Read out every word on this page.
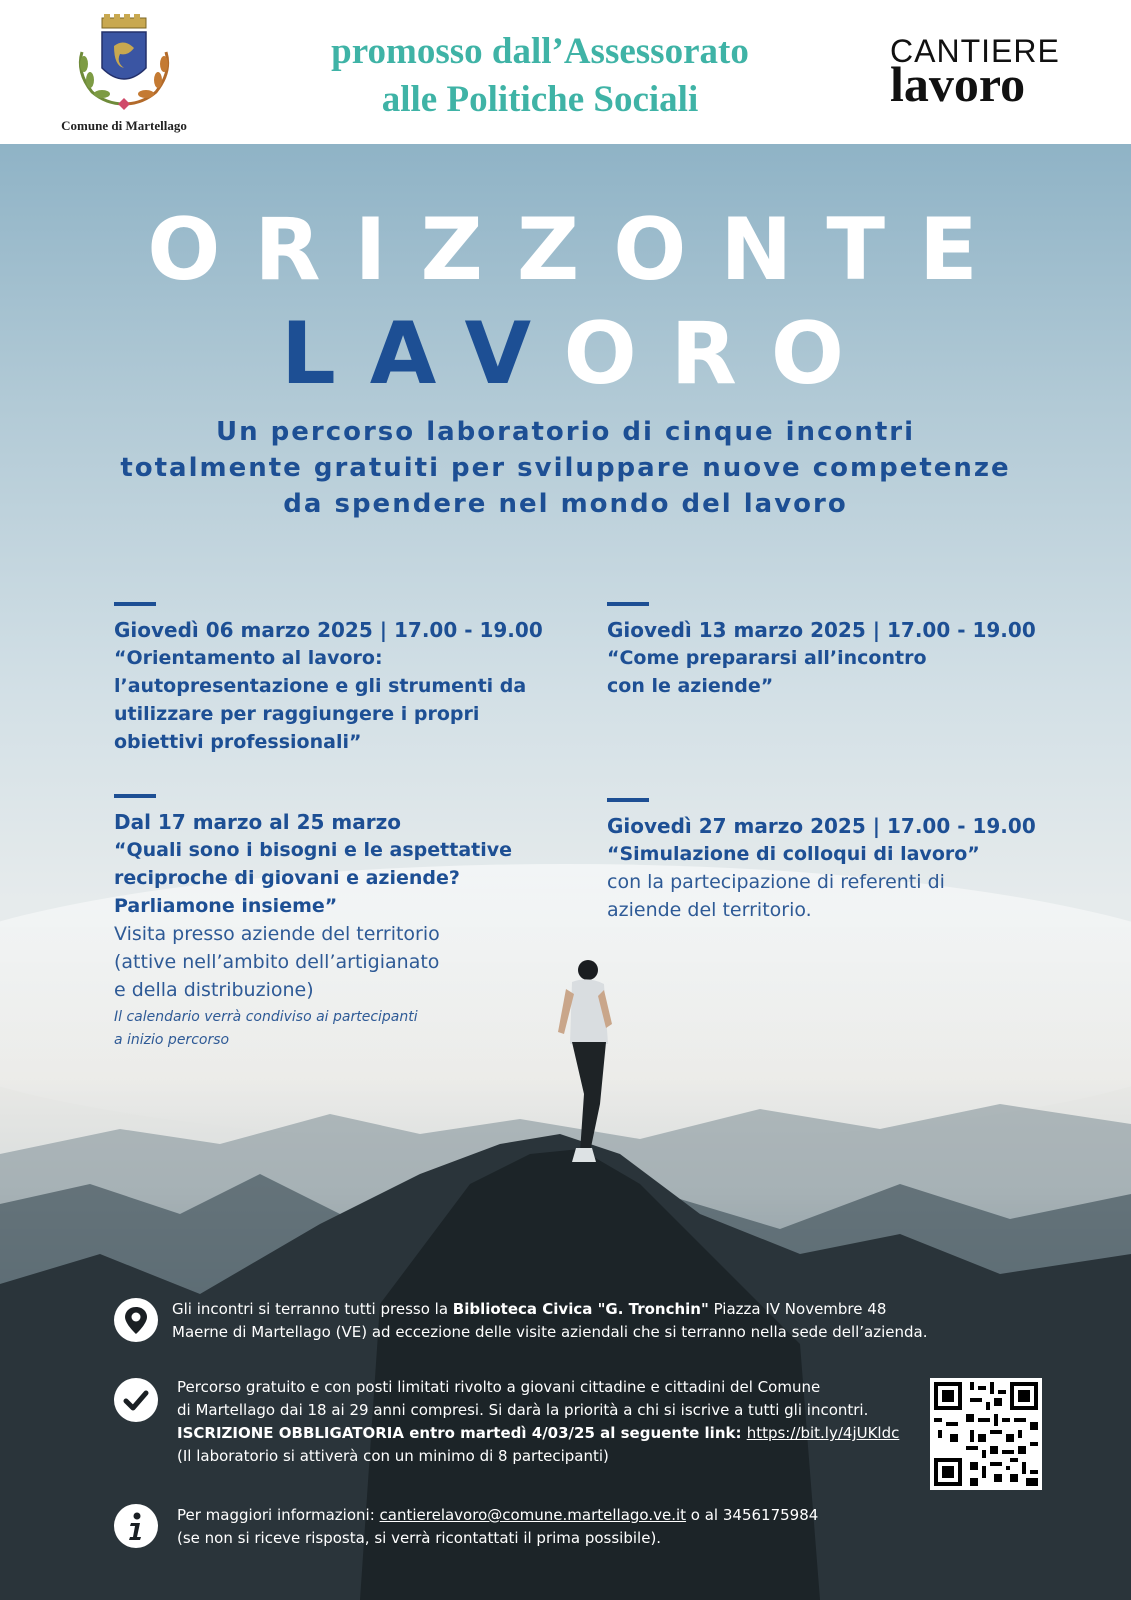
Comune di Martellago
promosso dall’Assessorato
alle Politiche Sociali
CANTIERE
lavoro
ORIZZONTE
LAVORO
Un percorso laboratorio di cinque incontri
totalmente gratuiti per sviluppare nuove competenze
da spendere nel mondo del lavoro
Giovedì 06 marzo 2025 | 17.00 - 19.00
“Orientamento al lavoro:
l’autopresentazione e gli strumenti da
utilizzare per raggiungere i propri
obiettivi professionali”
Giovedì 13 marzo 2025 | 17.00 - 19.00
“Come prepararsi all’incontro
con le aziende”
Dal 17 marzo al 25 marzo
“Quali sono i bisogni e le aspettative
reciproche di giovani e aziende?
Parliamone insieme”
Visita presso aziende del territorio
(attive nell’ambito dell’artigianato
e della distribuzione)
Il calendario verrà condiviso ai partecipanti
a inizio percorso
Giovedì 27 marzo 2025 | 17.00 - 19.00
“Simulazione di colloqui di lavoro”
con la partecipazione di referenti di
aziende del territorio.
Gli incontri si terranno tutti presso la Biblioteca Civica "G. Tronchin" Piazza IV Novembre 48
Maerne di Martellago (VE) ad eccezione delle visite aziendali che si terranno nella sede dell’azienda.
Percorso gratuito e con posti limitati rivolto a giovani cittadine e cittadini del Comune
di Martellago dai 18 ai 29 anni compresi. Si darà la priorità a chi si iscrive a tutti gli incontri.
ISCRIZIONE OBBLIGATORIA entro martedì 4/03/25 al seguente link: https://bit.ly/4jUKldc
(Il laboratorio si attiverà con un minimo di 8 partecipanti)
Per maggiori informazioni: cantierelavoro@comune.martellago.ve.it o al 3456175984
(se non si riceve risposta, si verrà ricontattati il prima possibile).
